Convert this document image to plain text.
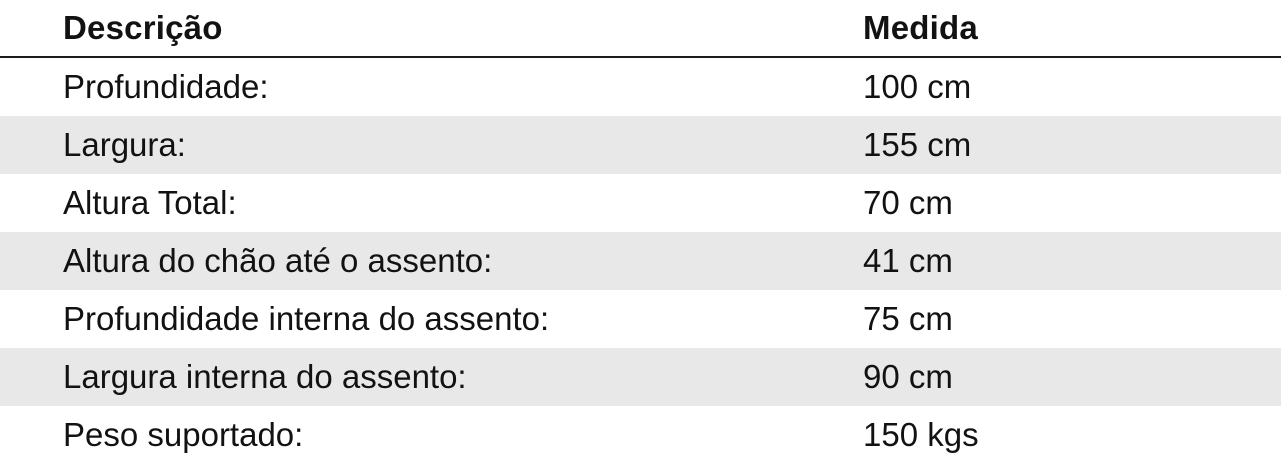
Descrição	Medida
Profundidade:	100 cm
Largura:	155 cm
Altura Total:	70 cm
Altura do chão até o assento:	41 cm
Profundidade interna do assento:	75 cm
Largura interna do assento:	90 cm
Peso suportado:	150 kgs
